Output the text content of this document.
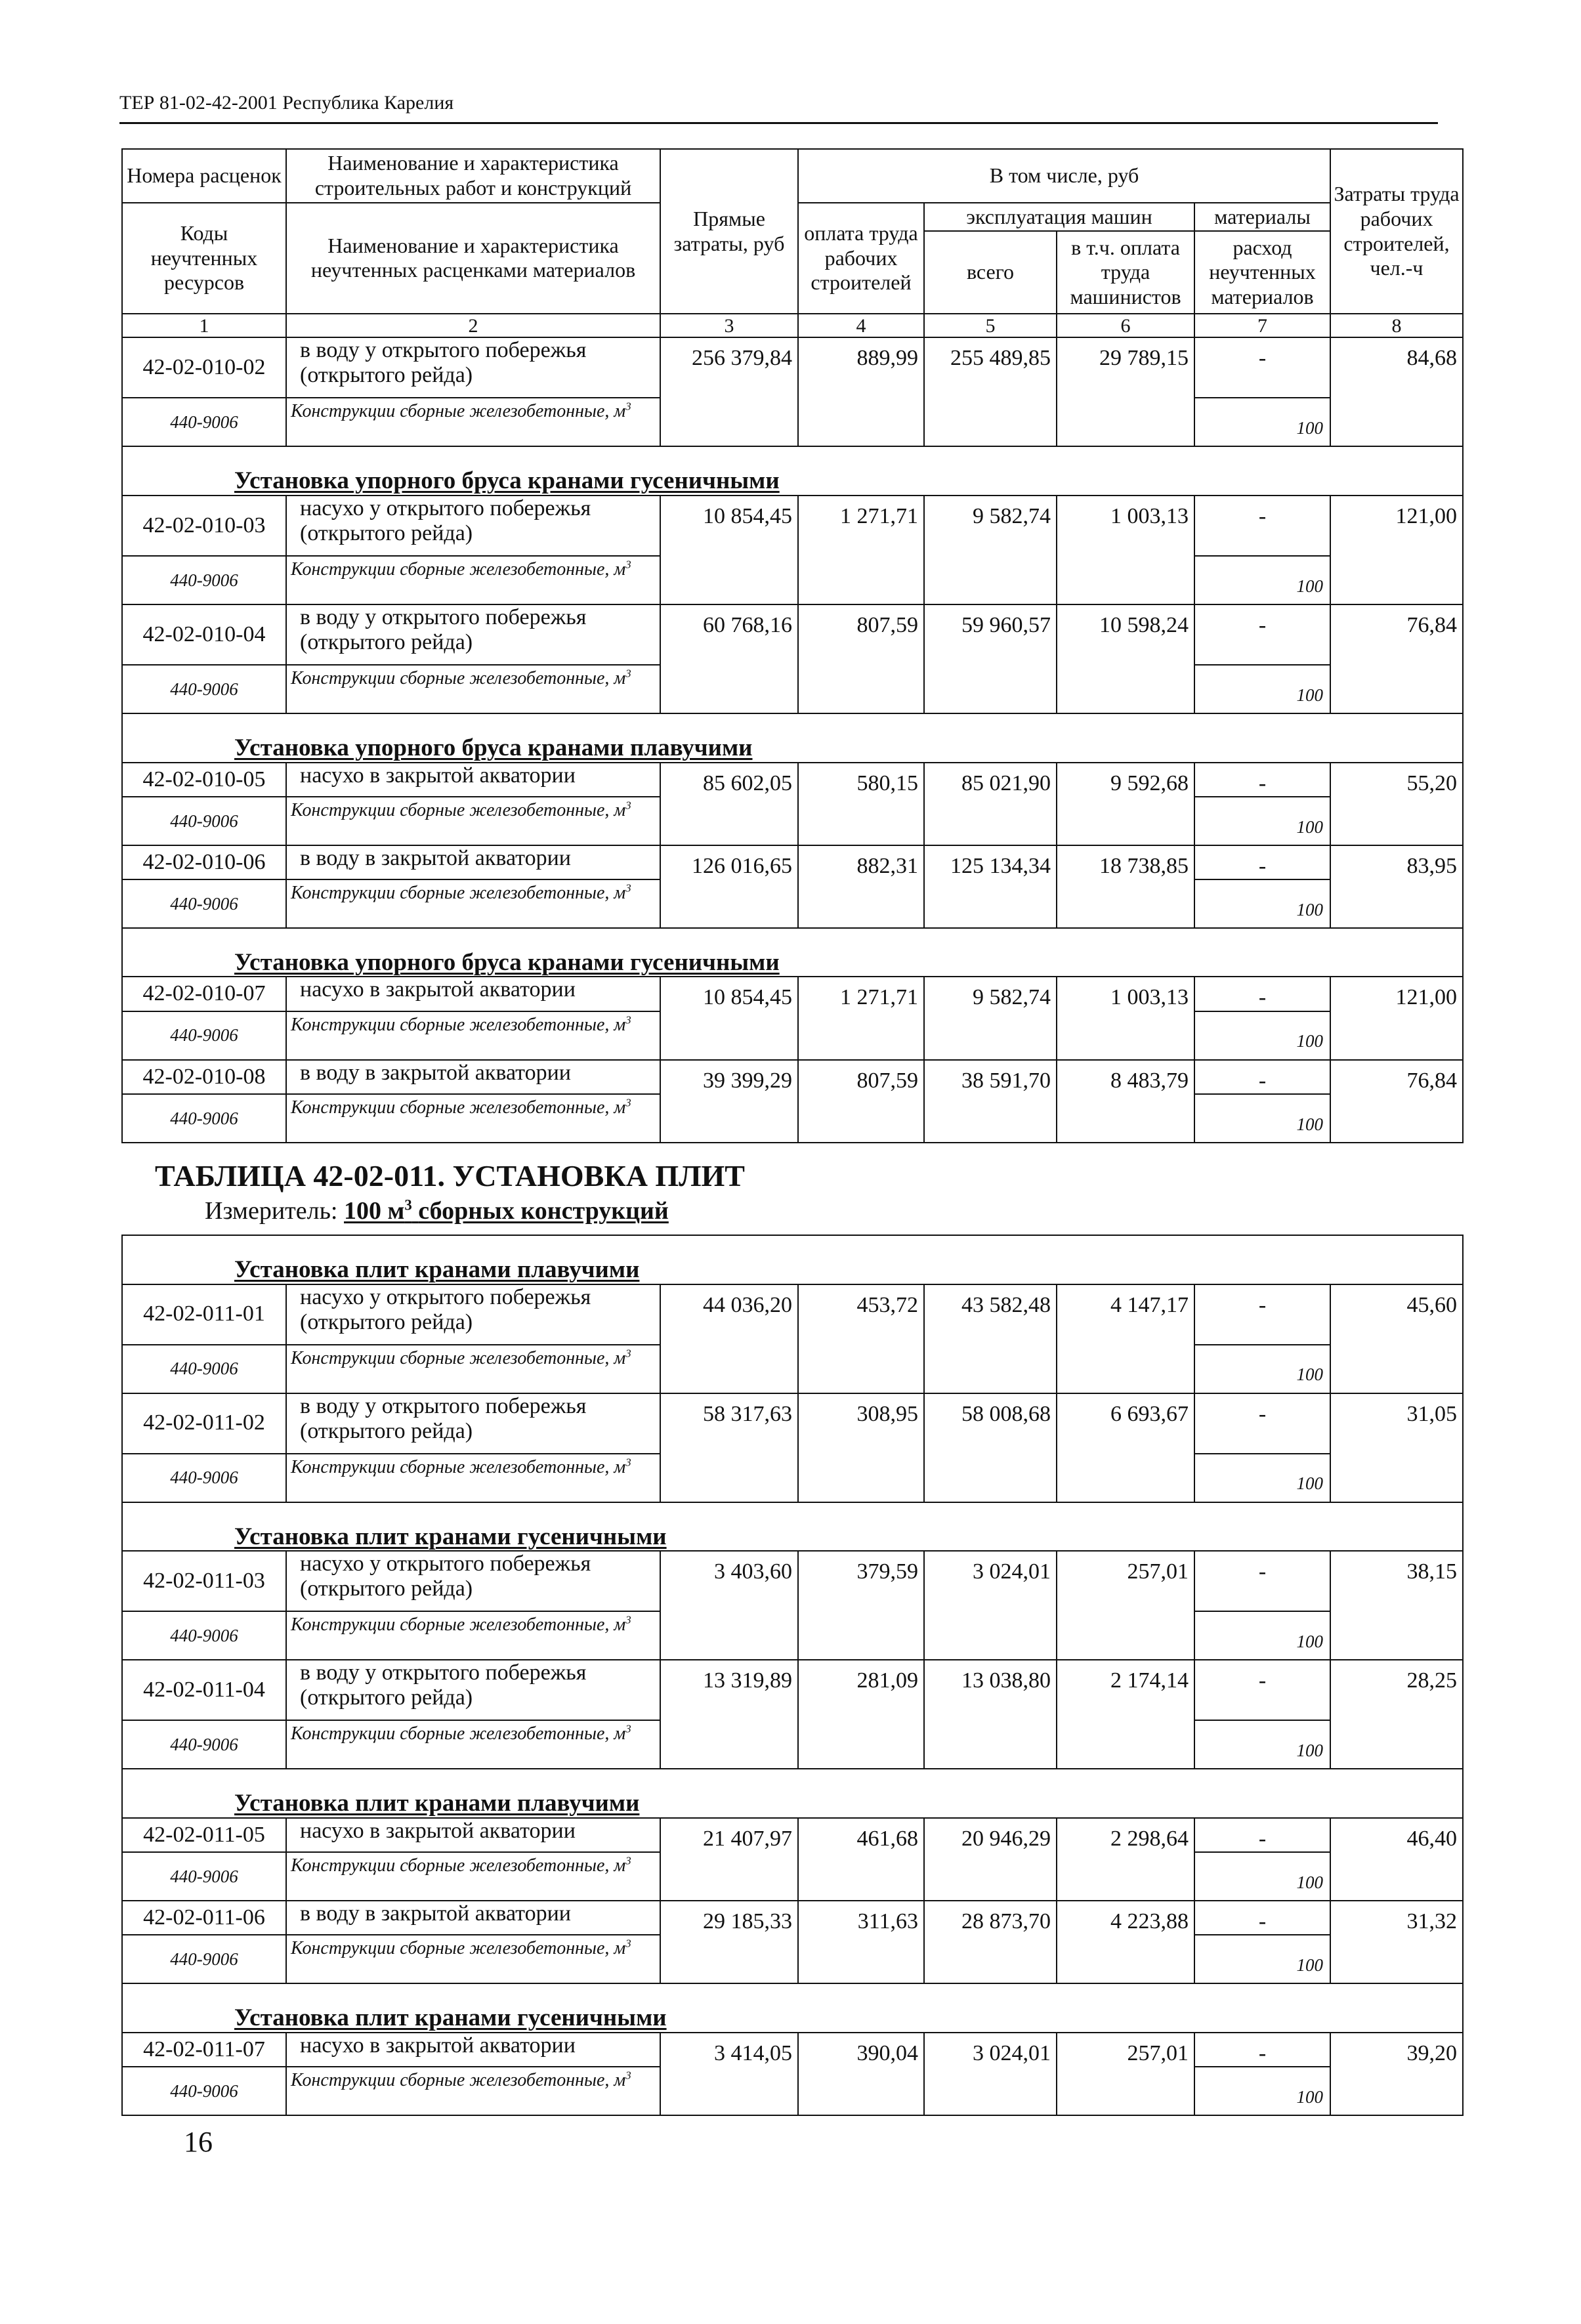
ТЕР 81-02-42-2001 Республика Карелия
Номера расценок	Наименование и характеристика строительных работ и конструкций	Прямые затраты, руб	В том числе, руб				Затраты труда рабочих строителей, чел.-ч
Коды неучтенных ресурсов	Наименование и характеристика неучтенных расценками материалов		оплата труда рабочих строителей	эксплуатация машин		материалы	
				всего	в т.ч. оплата труда машинистов	расход неучтенных материалов	
1	2	3	4	5	6	7	8
42-02-010-02	в воду у открытого побережья (открытого рейда)	256 379,84	889,99	255 489,85	29 789,15	-	84,68
440-9006	Конструкции сборные железобетонные, $м^3$					100	
Установка упорного бруса кранами гусеничными							
42-02-010-03	насухо у открытого побережья (открытого рейда)	10 854,45	1 271,71	9 582,74	1 003,13	-	121,00
440-9006	Конструкции сборные железобетонные, $м^3$					100	
42-02-010-04	в воду у открытого побережья (открытого рейда)	60 768,16	807,59	59 960,57	10 598,24	-	76,84
440-9006	Конструкции сборные железобетонные, $м^3$					100	
Установка упорного бруса кранами плавучими							
42-02-010-05	насухо в закрытой акватории	85 602,05	580,15	85 021,90	9 592,68	-	55,20
440-9006	Конструкции сборные железобетонные, $м^3$					100	
42-02-010-06	в воду в закрытой акватории	126 016,65	882,31	125 134,34	18 738,85	-	83,95
440-9006	Конструкции сборные железобетонные, $м^3$					100	
Установка упорного бруса кранами гусеничными							
42-02-010-07	насухо в закрытой акватории	10 854,45	1 271,71	9 582,74	1 003,13	-	121,00
440-9006	Конструкции сборные железобетонные, $м^3$					100	
42-02-010-08	в воду в закрытой акватории	39 399,29	807,59	38 591,70	8 483,79	-	76,84
440-9006	Конструкции сборные железобетонные, $м^3$					100	

ТАБЛИЦА 42-02-011. УСТАНОВКА ПЛИТ
Измеритель: 100 $м^3$ сборных конструкций							

Установка плит кранами плавучими							
42-02-011-01	насухо у открытого побережья (открытого рейда)	44 036,20	453,72	43 582,48	4 147,17	-	45,60
440-9006	Конструкции сборные железобетонные, $м^3$					100	
42-02-011-02	в воду у открытого побережья (открытого рейда)	58 317,63	308,95	58 008,68	6 693,67	-	31,05
440-9006	Конструкции сборные железобетонные, $м^3$					100	
Установка плит кранами гусеничными							
42-02-011-03	насухо у открытого побережья (открытого рейда)	3 403,60	379,59	3 024,01	257,01	-	38,15
440-9006	Конструкции сборные железобетонные, $м^3$					100	
42-02-011-04	в воду у открытого побережья (открытого рейда)	13 319,89	281,09	13 038,80	2 174,14	-	28,25
440-9006	Конструкции сборные железобетонные, $м^3$					100	
Установка плит кранами плавучими							
42-02-011-05	насухо в закрытой акватории	21 407,97	461,68	20 946,29	2 298,64	-	46,40
440-9006	Конструкции сборные железобетонные, $м^3$					100	
42-02-011-06	в воду в закрытой акватории	29 185,33	311,63	28 873,70	4 223,88	-	31,32
440-9006	Конструкции сборные железобетонные, $м^3$					100	
Установка плит кранами гусеничными							
42-02-011-07	насухо в закрытой акватории	3 414,05	390,04	3 024,01	257,01	-	39,20
440-9006	Конструкции сборные железобетонные, $м^3$					100	
16
